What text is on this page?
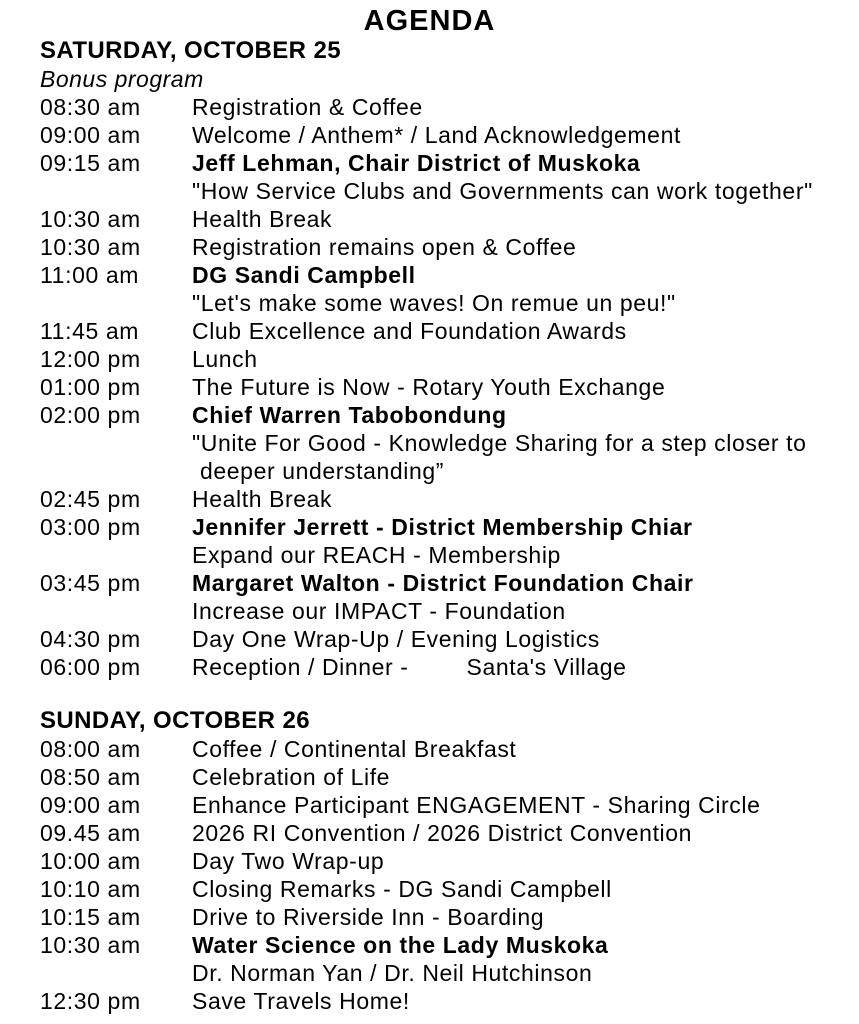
AGENDA
SATURDAY, OCTOBER 25

Bonus program

08:30 am	Registration & Coffee
09:00 am	Welcome / Anthem* / Land Acknowledgement
09:15 am	Jeff Lehman, Chair District of Muskoka
"How Service Clubs and Governments can work together"
10:30 am	Health Break
10:30 am	Registration remains open & Coffee
11:00 am	DG Sandi Campbell
"Let's make some waves! On remue un peu!"
11:45 am	Club Excellence and Foundation Awards
12:00 pm	Lunch
01:00 pm	The Future is Now - Rotary Youth Exchange
02:00 pm	Chief Warren Tabobondung
"Unite For Good - Knowledge Sharing for a step closer to
deeper understanding”
02:45 pm	Health Break
03:00 pm	Jennifer Jerrett - District Membership Chiar
Expand our REACH - Membership
03:45 pm	Margaret Walton - District Foundation Chair
Increase our IMPACT - Foundation
04:30 pm	Day One Wrap-Up / Evening Logistics
06:00 pm	Reception / Dinner -	Santa's Village
SUNDAY, OCTOBER 26
08:00 am	Coffee / Continental Breakfast
08:50 am	Celebration of Life
09:00 am	Enhance Participant ENGAGEMENT - Sharing Circle
09.45 am	2026 RI Convention / 2026 District Convention
10:00 am	Day Two Wrap-up
10:10 am	Closing Remarks - DG Sandi Campbell
10:15 am	Drive to Riverside Inn - Boarding
10:30 am	Water Science on the Lady Muskoka
Dr. Norman Yan / Dr. Neil Hutchinson
12:30 pm	Save Travels Home!
